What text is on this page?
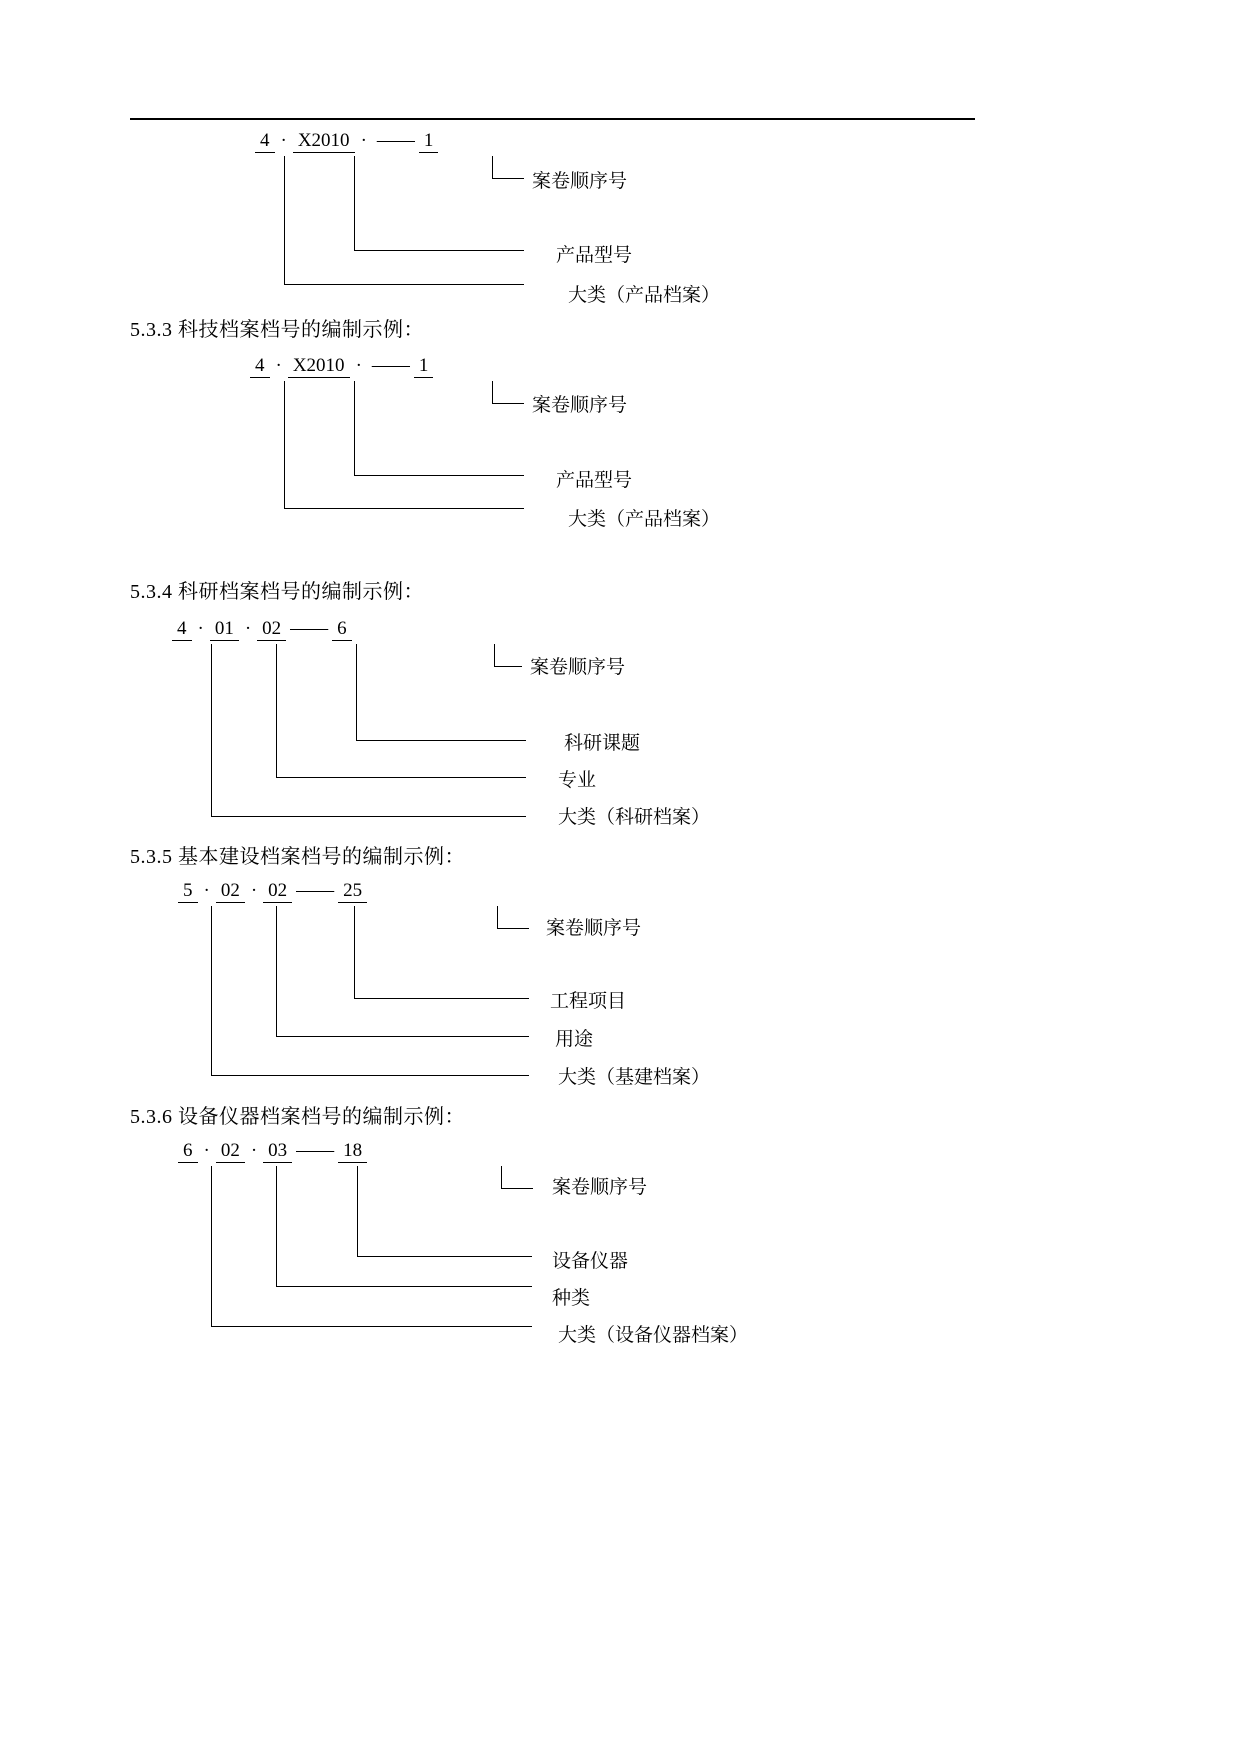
4 · X2010 · —— 1
案卷顺序号
产品型号
大类（产品档案）
5.3.3 科技档案档号的编制示例：
4 · X2010 · —— 1
案卷顺序号
产品型号
大类（产品档案）
5.3.4 科研档案档号的编制示例：
4 · 01 · 02 —— 6
案卷顺序号
科研课题
专业
大类（科研档案）
5.3.5 基本建设档案档号的编制示例：
5 · 02 · 02 —— 25
案卷顺序号
工程项目
用途
大类（基建档案）
5.3.6 设备仪器档案档号的编制示例：
6 · 02 · 03 —— 18
案卷顺序号
设备仪器
种类
大类（设备仪器档案）
